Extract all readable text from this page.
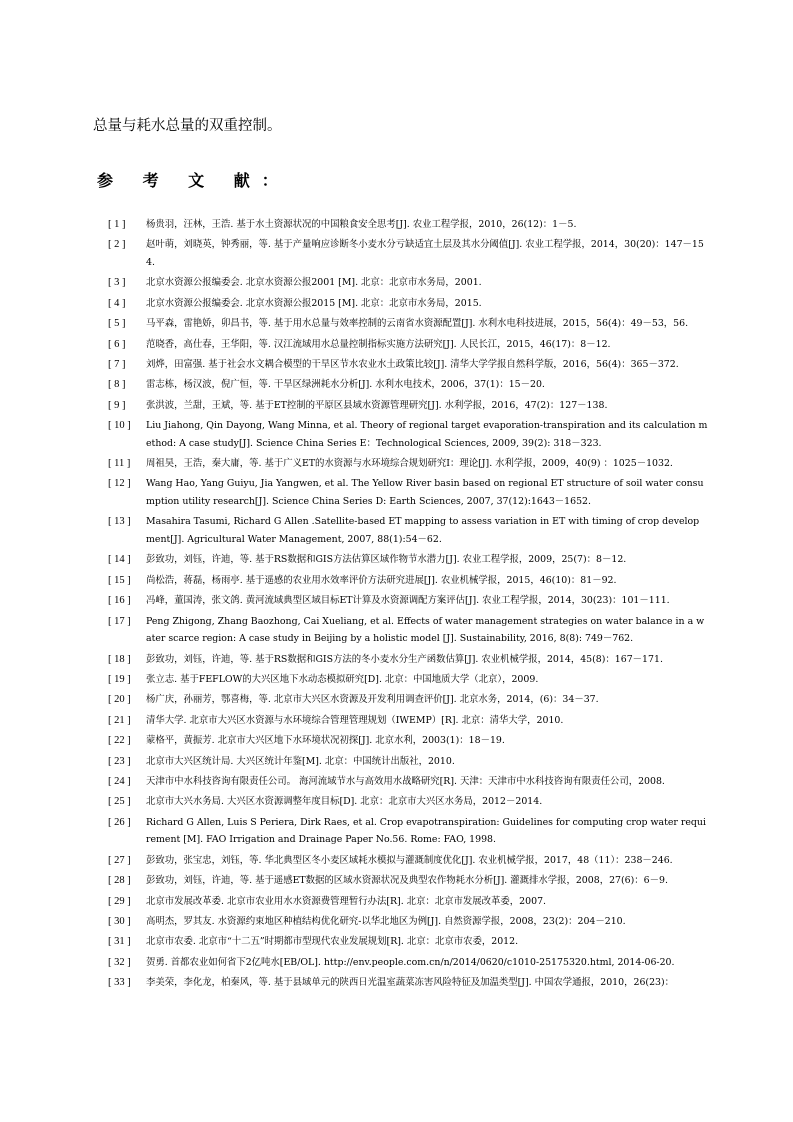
总量与耗水总量的双重控制。
参 考 文 献：
[ 1 ]	杨贵羽，汪林，王浩. 基于水土资源状况的中国粮食安全思考[J]. 农业工程学报，2010，26(12)：1－5.
[ 2 ]	赵叶萌，刘晓英，钟秀丽，等. 基于产量响应诊断冬小麦水分亏缺适宜土层及其水分阈值[J]. 农业工程学报，2014，30(20)：147－154.
[ 3 ]	北京水资源公报编委会. 北京水资源公报2001 [M]. 北京：北京市水务局，2001.
[ 4 ]	北京水资源公报编委会. 北京水资源公报2015 [M]. 北京：北京市水务局，2015.
[ 5 ]	马平森，雷艳娇，卯昌书，等. 基于用水总量与效率控制的云南省水资源配置[J]. 水利水电科技进展，2015，56(4)：49－53，56.
[ 6 ]	范晓香，高仕春，王华阳，等. 汉江流域用水总量控制指标实施方法研究[J]. 人民长江，2015，46(17)：8－12.
[ 7 ]	刘烨，田富强. 基于社会水文耦合模型的干旱区节水农业水土政策比较[J]. 清华大学学报自然科学版，2016，56(4)：365－372.
[ 8 ]	雷志栋，杨汉波，倪广恒，等. 干旱区绿洲耗水分析[J]. 水利水电技术，2006，37(1)：15－20.
[ 9 ]	张洪波，兰甜，王斌，等. 基于ET控制的平原区县域水资源管理研究[J]. 水利学报，2016，47(2)：127－138.
[ 10 ]	Liu Jiahong, Qin Dayong, Wang Minna, et al. Theory of regional target evaporation-transpiration and its calculation method: A case study[J]. Science China Series E：Technological Sciences, 2009, 39(2): 318－323.
[ 11 ]	周祖昊，王浩，秦大庸，等. 基于广义ET的水资源与水环境综合规划研究I：理论[J]. 水利学报，2009，40(9) ：1025－1032.
[ 12 ]	Wang Hao, Yang Guiyu, Jia Yangwen, et al. The Yellow River basin based on regional ET structure of soil water consumption utility research[J]. Science China Series D: Earth Sciences, 2007, 37(12):1643－1652.
[ 13 ]	Masahira Tasumi, Richard G Allen .Satellite-based ET mapping to assess variation in ET with timing of crop development[J]. Agricultural Water Management, 2007, 88(1):54－62.
[ 14 ]	彭致功，刘钰，许迪，等. 基于RS数据和GIS方法估算区域作物节水潜力[J]. 农业工程学报，2009，25(7)：8－12.
[ 15 ]	尚松浩，蒋磊，杨雨亭. 基于遥感的农业用水效率评价方法研究进展[J]. 农业机械学报，2015，46(10)：81－92.
[ 16 ]	冯峰，董国涛，张文鸽. 黄河流域典型区域目标ET计算及水资源调配方案评估[J]. 农业工程学报，2014，30(23)：101－111.
[ 17 ]	Peng Zhigong, Zhang Baozhong, Cai Xueliang, et al. Effects of water management strategies on water balance in a water scarce region: A case study in Beijing by a holistic model [J]. Sustainability, 2016, 8(8): 749－762.
[ 18 ]	彭致功，刘钰，许迪，等. 基于RS数据和GIS方法的冬小麦水分生产函数估算[J]. 农业机械学报，2014，45(8)：167－171.
[ 19 ]	张立志. 基于FEFLOW的大兴区地下水动态模拟研究[D]. 北京：中国地质大学（北京），2009.
[ 20 ]	杨广庆，孙丽芳，鄂喜梅，等. 北京市大兴区水资源及开发利用调查评价[J]. 北京水务，2014，(6)：34－37.
[ 21 ]	清华大学. 北京市大兴区水资源与水环境综合管理管理规划（IWEMP）[R]. 北京：清华大学，2010.
[ 22 ]	蒙格平，黄振芳. 北京市大兴区地下水环境状况初探[J]. 北京水利，2003(1)：18－19.
[ 23 ]	北京市大兴区统计局. 大兴区统计年鉴[M]. 北京：中国统计出版社，2010.
[ 24 ]	天津市中水科技咨询有限责任公司。 海河流域节水与高效用水战略研究[R]. 天津：天津市中水科技咨询有限责任公司，2008.
[ 25 ]	北京市大兴水务局. 大兴区水资源调整年度目标[D]. 北京：北京市大兴区水务局，2012－2014.
[ 26 ]	Richard G Allen, Luis S Periera, Dirk Raes, et al. Crop evapotranspiration: Guidelines for computing crop water requirement [M]. FAO Irrigation and Drainage Paper No.56. Rome: FAO, 1998.
[ 27 ]	彭致功，张宝忠，刘钰，等. 华北典型区冬小麦区域耗水模拟与灌溉制度优化[J]. 农业机械学报，2017，48（11）：238－246.
[ 28 ]	彭致功，刘钰，许迪，等. 基于遥感ET数据的区域水资源状况及典型农作物耗水分析[J]. 灌溉排水学报，2008，27(6)：6－9.
[ 29 ]	北京市发展改革委. 北京市农业用水水资源费管理暂行办法[R]. 北京：北京市发展改革委，2007.
[ 30 ]	高明杰，罗其友. 水资源约束地区种植结构优化研究-以华北地区为例[J]. 自然资源学报，2008，23(2)：204－210.
[ 31 ]	北京市农委. 北京市“十二五”时期都市型现代农业发展规划[R]. 北京：北京市农委，2012.
[ 32 ]	贺勇. 首都农业如何省下2亿吨水[EB/OL]. http://env.people.com.cn/n/2014/0620/c1010-25175320.html, 2014-06-20.
[ 33 ]	李美荣，李化龙，柏秦风，等. 基于县域单元的陕西日光温室蔬菜冻害风险特征及加温类型[J]. 中国农学通报，2010，26(23)：
